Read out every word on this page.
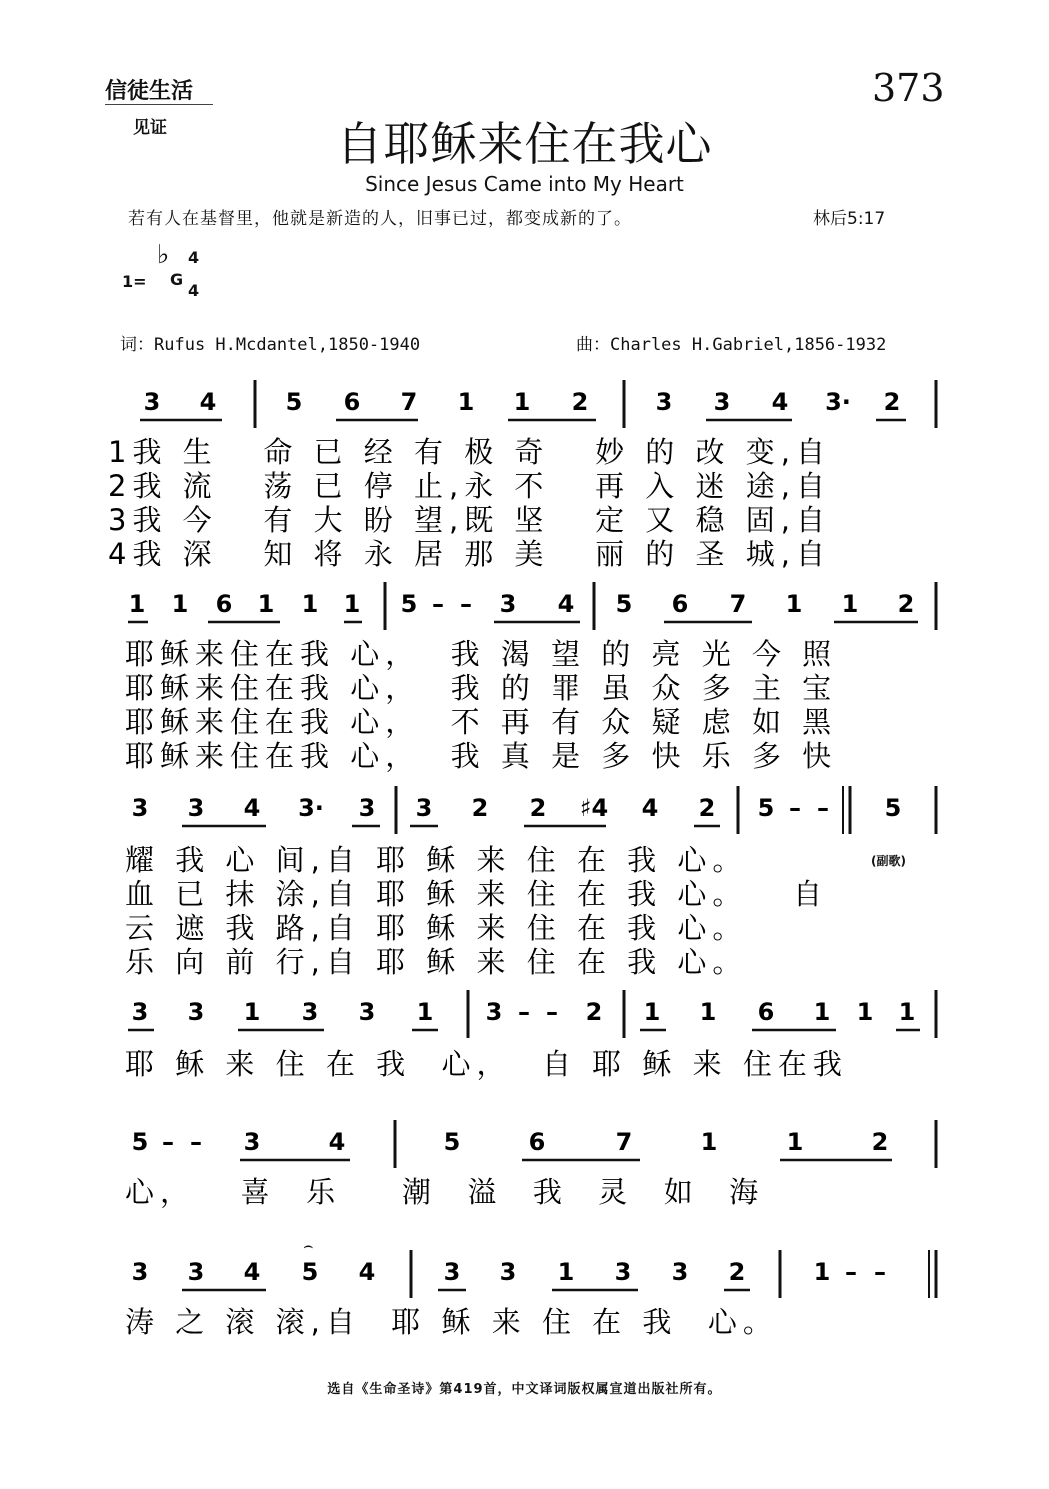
信徒生活
见证
373
自耶稣来住在我心
Since Jesus Came into My Heart
若有人在基督里，他就是新造的人，旧事已过，都变成新的了。	林后5:17
1=
♭
G
4
4
词：Rufus H.Mcdantel,1850-1940	曲：Charles H.Gabriel,1856-1932
⌢
(副歌)
3 4	5 6 7 1 1 2	3 3 4 3· 2
1我 生   命 已 经 有 极 奇   妙 的 改 变,自
2我 流   荡 已 停 止,永 不   再 入 迷 途,自
3我 今   有 大 盼 望,既 坚   定 又 稳 固,自
4我 深   知 将 永 居 那 美   丽 的 圣 城,自
1 1 6 1 1 1 5 – – 3 4 5 6 7 1 1 2
耶稣来住在我 心，  我 渴 望 的 亮 光 今 照
耶稣来住在我 心，  我 的 罪 虽 众 多 主 宝
耶稣来住在我 心，  不 再 有 众 疑 虑 如 黑
耶稣来住在我 心，  我 真 是 多 快 乐 多 快
3 3 4 3· 3 3 2 2 ♯4 4 2 5 – – 5
耀 我 心 间,自 耶 稣 来 住 在 我 心。
血 已 抹 涂,自 耶 稣 来 住 在 我 心。   自
云 遮 我 路,自 耶 稣 来 住 在 我 心。
乐 向 前 行,自 耶 稣 来 住 在 我 心。
3 3 1 3 3 1 3 – – 2 1 1 6 1 1 1
耶 稣 来 住 在 我  心，  自 耶 稣 来 住在我
5 – – 3	4	5	6	7	1	1	2
心，   喜  乐    潮  溢  我  灵  如  海
3 3 4 5 4	3 3 1 3 3 2	1 – –
涛 之 滚 滚,自  耶 稣 来 住 在 我  心。
选自《生命圣诗》第419首，中文译词版权属宣道出版社所有。
